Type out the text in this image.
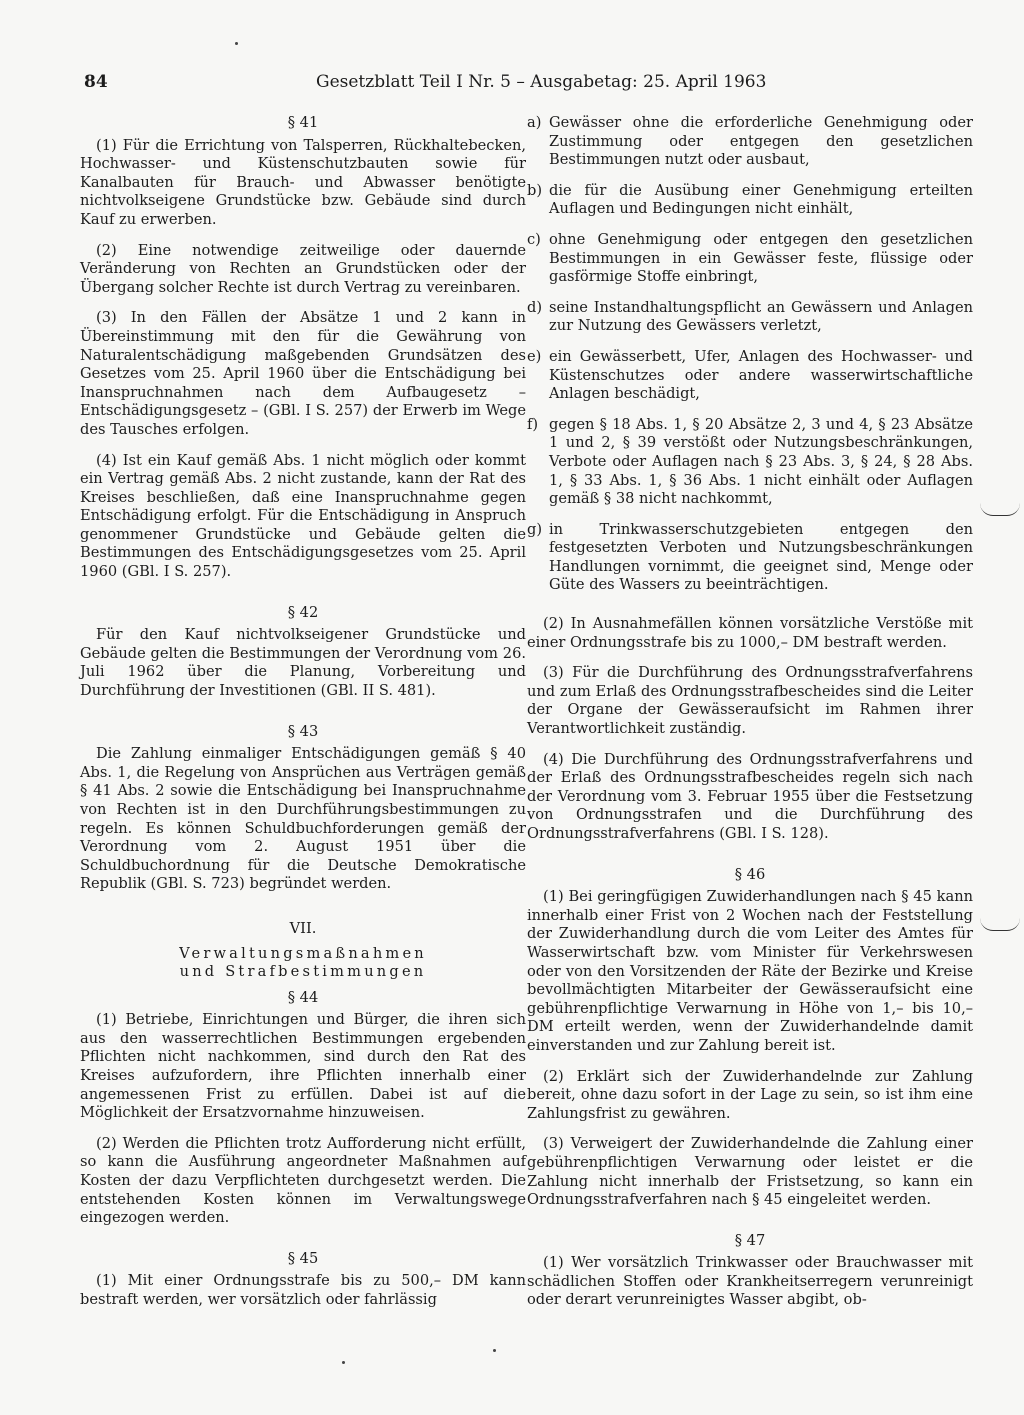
84	Gesetzblatt Teil I Nr. 5 – Ausgabetag: 25. April 1963
§ 41

(1) Für die Errichtung von Talsperren, Rückhaltebecken, Hochwasser- und Küstenschutzbauten sowie für Kanalbauten für Brauch- und Abwasser benötigte nichtvolkseigene Grundstücke bzw. Gebäude sind durch Kauf zu erwerben.

(2) Eine notwendige zeitweilige oder dauernde Veränderung von Rechten an Grundstücken oder der Übergang solcher Rechte ist durch Vertrag zu vereinbaren.

(3) In den Fällen der Absätze 1 und 2 kann in Übereinstimmung mit den für die Gewährung von Naturalentschädigung maßgebenden Grundsätzen des Gesetzes vom 25. April 1960 über die Entschädigung bei Inanspruchnahmen nach dem Aufbaugesetz – Entschädigungsgesetz – (GBl. I S. 257) der Erwerb im Wege des Tausches erfolgen.

(4) Ist ein Kauf gemäß Abs. 1 nicht möglich oder kommt ein Vertrag gemäß Abs. 2 nicht zustande, kann der Rat des Kreises beschließen, daß eine Inanspruchnahme gegen Entschädigung erfolgt. Für die Entschädigung in Anspruch genommener Grundstücke und Gebäude gelten die Bestimmungen des Entschädigungsgesetzes vom 25. April 1960 (GBl. I S. 257).

§ 42

Für den Kauf nichtvolkseigener Grundstücke und Gebäude gelten die Bestimmungen der Verordnung vom 26. Juli 1962 über die Planung, Vorbereitung und Durchführung der Investitionen (GBl. II S. 481).

§ 43

Die Zahlung einmaliger Entschädigungen gemäß § 40 Abs. 1, die Regelung von Ansprüchen aus Verträgen gemäß § 41 Abs. 2 sowie die Entschädigung bei Inanspruchnahme von Rechten ist in den Durchführungsbestimmungen zu regeln. Es können Schuldbuchforderungen gemäß der Verordnung vom 2. August 1951 über die Schuldbuchordnung für die Deutsche Demokratische Republik (GBl. S. 723) begründet werden.

VII.
Verwaltungsmaßnahmen
und Strafbestimmungen
§ 44

(1) Betriebe, Einrichtungen und Bürger, die ihren sich aus den wasserrechtlichen Bestimmungen ergebenden Pflichten nicht nachkommen, sind durch den Rat des Kreises aufzufordern, ihre Pflichten innerhalb einer angemessenen Frist zu erfüllen. Dabei ist auf die Möglichkeit der Ersatzvornahme hinzuweisen.

(2) Werden die Pflichten trotz Aufforderung nicht erfüllt, so kann die Ausführung angeordneter Maßnahmen auf Kosten der dazu Verpflichteten durchgesetzt werden. Die entstehenden Kosten können im Verwaltungswege eingezogen werden.

§ 45

(1) Mit einer Ordnungsstrafe bis zu 500,– DM kann bestraft werden, wer vorsätzlich oder fahrlässig

a) Gewässer ohne die erforderliche Genehmigung oder Zustimmung oder entgegen den gesetzlichen Bestimmungen nutzt oder ausbaut,
b) die für die Ausübung einer Genehmigung erteilten Auflagen und Bedingungen nicht einhält,
c) ohne Genehmigung oder entgegen den gesetzlichen Bestimmungen in ein Gewässer feste, flüssige oder gasförmige Stoffe einbringt,
d) seine Instandhaltungspflicht an Gewässern und Anlagen zur Nutzung des Gewässers verletzt,
e) ein Gewässerbett, Ufer, Anlagen des Hochwasser- und Küstenschutzes oder andere wasserwirtschaftliche Anlagen beschädigt,
f) gegen § 18 Abs. 1, § 20 Absätze 2, 3 und 4, § 23 Absätze 1 und 2, § 39 verstößt oder Nutzungsbeschränkungen, Verbote oder Auflagen nach § 23 Abs. 3, § 24, § 28 Abs. 1, § 33 Abs. 1, § 36 Abs. 1 nicht einhält oder Auflagen gemäß § 38 nicht nachkommt,
g) in Trinkwasserschutzgebieten entgegen den festgesetzten Verboten und Nutzungsbeschränkungen Handlungen vornimmt, die geeignet sind, Menge oder Güte des Wassers zu beeinträchtigen.

(2) In Ausnahmefällen können vorsätzliche Verstöße mit einer Ordnungsstrafe bis zu 1000,– DM bestraft werden.

(3) Für die Durchführung des Ordnungsstrafverfahrens und zum Erlaß des Ordnungsstrafbescheides sind die Leiter der Organe der Gewässeraufsicht im Rahmen ihrer Verantwortlichkeit zuständig.

(4) Die Durchführung des Ordnungsstrafverfahrens und der Erlaß des Ordnungsstrafbescheides regeln sich nach der Verordnung vom 3. Februar 1955 über die Festsetzung von Ordnungsstrafen und die Durchführung des Ordnungsstrafverfahrens (GBl. I S. 128).

§ 46

(1) Bei geringfügigen Zuwiderhandlungen nach § 45 kann innerhalb einer Frist von 2 Wochen nach der Feststellung der Zuwiderhandlung durch die vom Leiter des Amtes für Wasserwirtschaft bzw. vom Minister für Verkehrswesen oder von den Vorsitzenden der Räte der Bezirke und Kreise bevollmächtigten Mitarbeiter der Gewässeraufsicht eine gebührenpflichtige Verwarnung in Höhe von 1,– bis 10,– DM erteilt werden, wenn der Zuwiderhandelnde damit einverstanden und zur Zahlung bereit ist.

(2) Erklärt sich der Zuwiderhandelnde zur Zahlung bereit, ohne dazu sofort in der Lage zu sein, so ist ihm eine Zahlungsfrist zu gewähren.

(3) Verweigert der Zuwiderhandelnde die Zahlung einer gebührenpflichtigen Verwarnung oder leistet er die Zahlung nicht innerhalb der Fristsetzung, so kann ein Ordnungsstrafverfahren nach § 45 eingeleitet werden.

§ 47

(1) Wer vorsätzlich Trinkwasser oder Brauchwasser mit schädlichen Stoffen oder Krankheitserregern verunreinigt oder derart verunreinigtes Wasser abgibt, ob-
